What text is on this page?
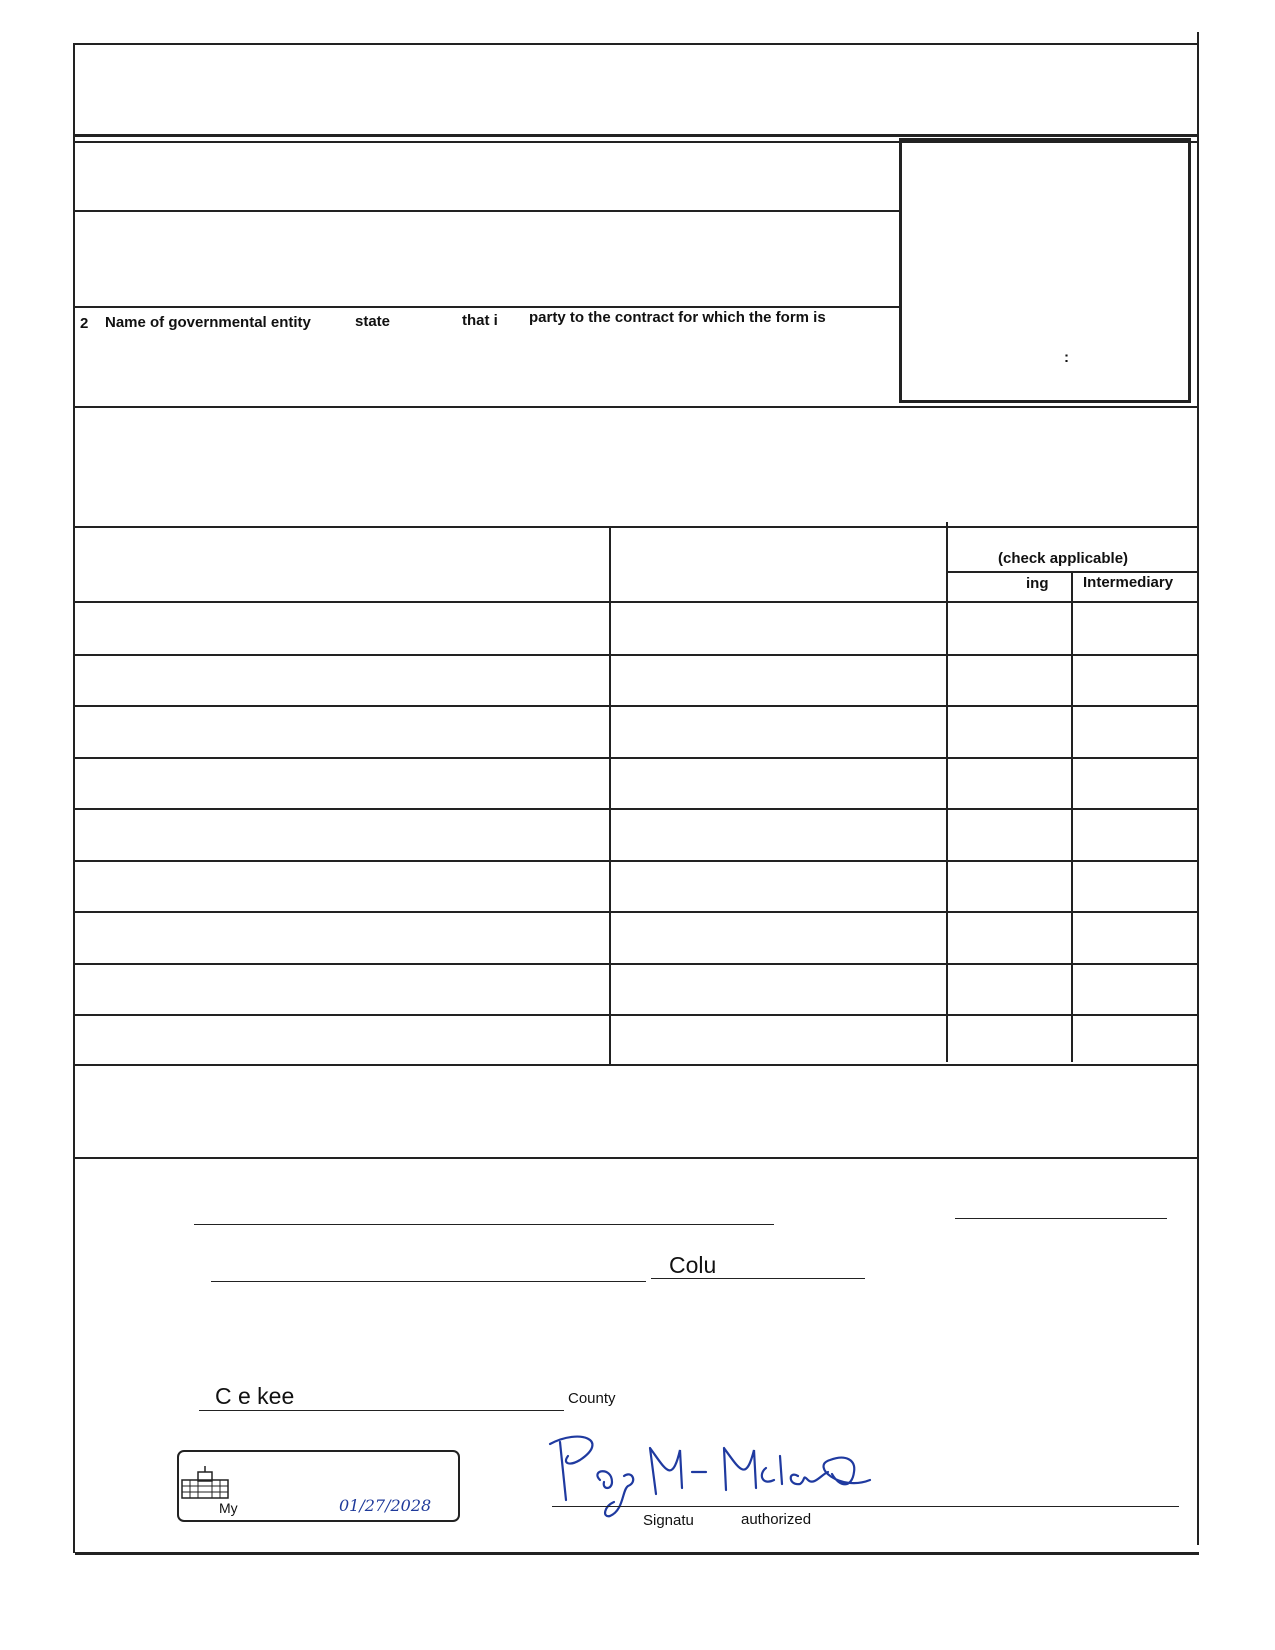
:
2 Name of governmental entity	state	that i party to the contract for which the form is
(check applicable)
ing Intermediary
Colu
C e kee	County
My	01/27/2028
Signatu	authorized
